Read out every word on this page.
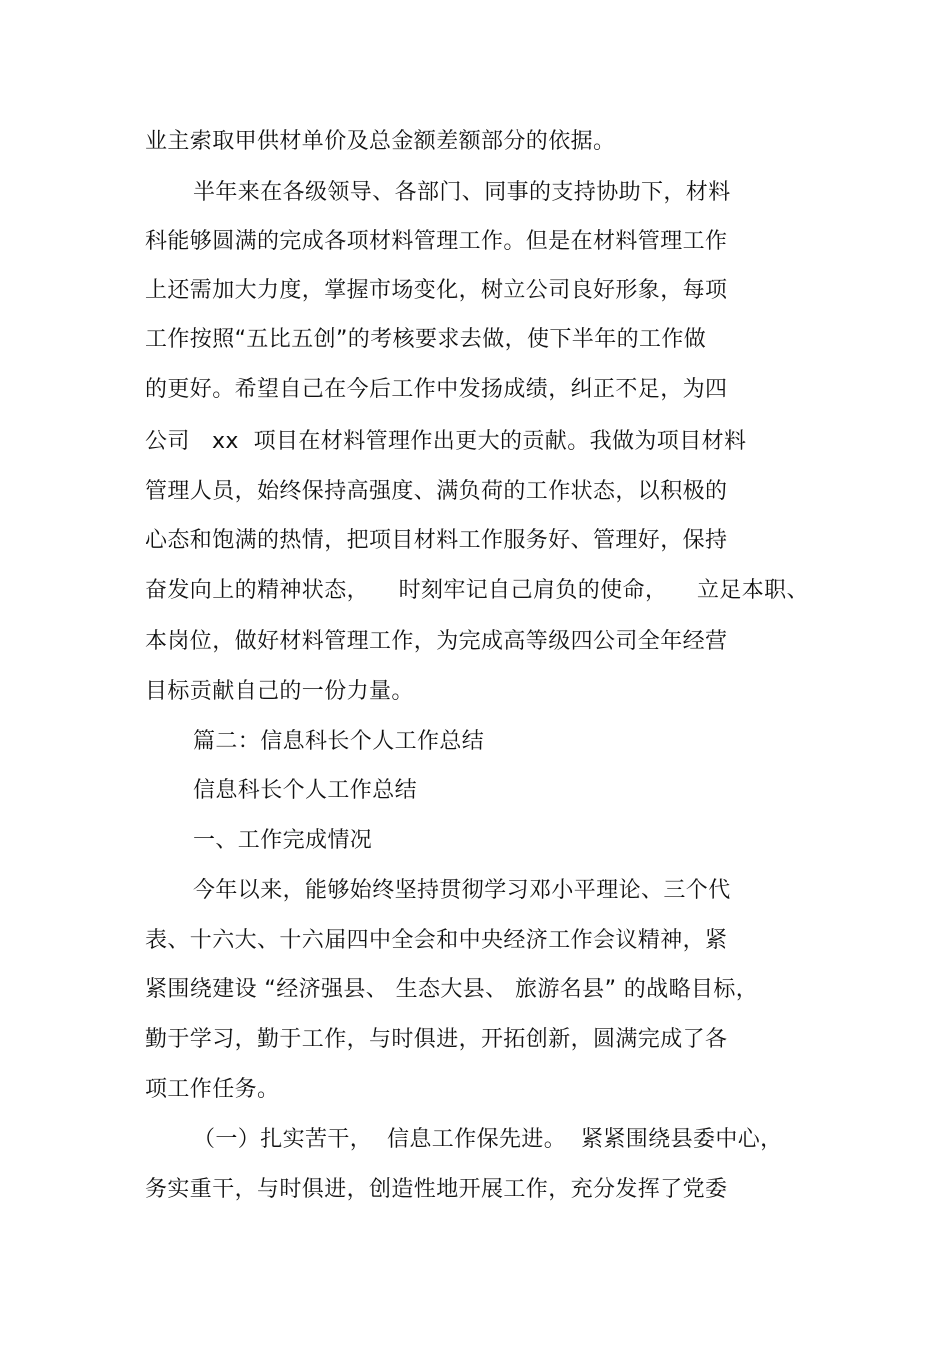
业主索取甲供材单价及总金额差额部分的依据。
半年来在各级领导、各部门、同事的支持协助下，材料
科能够圆满的完成各项材料管理工作。但是在材料管理工作
上还需加大力度，掌握市场变化，树立公司良好形象，每项
工作按照“五比五创”的考核要求去做，使下半年的工作做
的更好。希望自己在今后工作中发扬成绩，纠正不足，为四
公司   xx  项目在材料管理作出更大的贡献。我做为项目材料
管理人员，始终保持高强度、满负荷的工作状态，以积极的
心态和饱满的热情，把项目材料工作服务好、管理好，保持
奋发向上的精神状态，    时刻牢记自己肩负的使命，    立足本职、
本岗位，做好材料管理工作，为完成高等级四公司全年经营
目标贡献自己的一份力量。
篇二：信息科长个人工作总结
信息科长个人工作总结
一、工作完成情况
今年以来，能够始终坚持贯彻学习邓小平理论、三个代
表、十六大、十六届四中全会和中央经济工作会议精神，紧
紧围绕建设 “经济强县、 生态大县、 旅游名县” 的战略目标，
勤于学习，勤于工作，与时俱进，开拓创新，圆满完成了各
项工作任务。
（一）扎实苦干，  信息工作保先进。  紧紧围绕县委中心，
务实重干，与时俱进，创造性地开展工作，充分发挥了党委
